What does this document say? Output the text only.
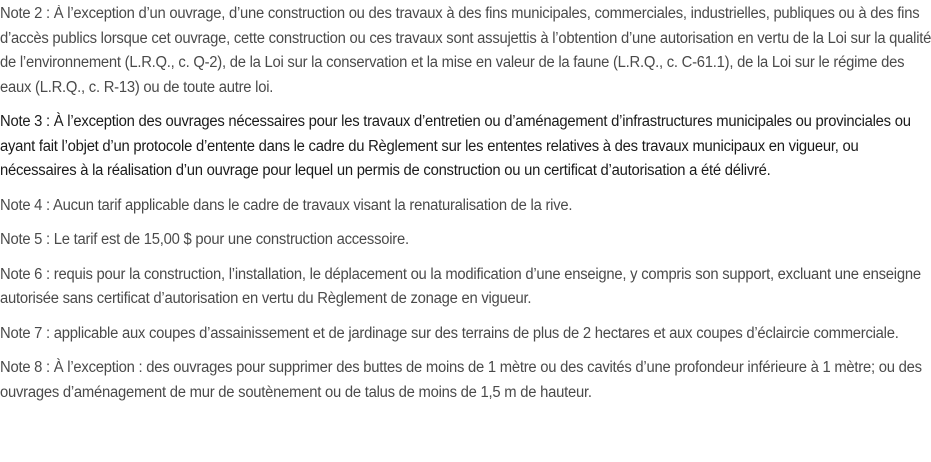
Note 2 : À l’exception d’un ouvrage, d’une construction ou des travaux à des fins municipales, commerciales, industrielles, publiques ou à des fins d’accès publics lorsque cet ouvrage, cette construction ou ces travaux sont assujettis à l’obtention d’une autorisation en vertu de la Loi sur la qualité de l’environnement (L.R.Q., c. Q-2), de la Loi sur la conservation et la mise en valeur de la faune (L.R.Q., c. C-61.1), de la Loi sur le régime des eaux (L.R.Q., c. R-13) ou de toute autre loi.

Note 3 : À l’exception des ouvrages nécessaires pour les travaux d’entretien ou d’aménagement d’infrastructures municipales ou provinciales ou ayant fait l’objet d’un protocole d’entente dans le cadre du Règlement sur les ententes relatives à des travaux municipaux en vigueur, ou nécessaires à la réalisation d’un ouvrage pour lequel un permis de construction ou un certificat d’autorisation a été délivré.

Note 4 : Aucun tarif applicable dans le cadre de travaux visant la renaturalisation de la rive.

Note 5 : Le tarif est de 15,00 $ pour une construction accessoire.

Note 6 : requis pour la construction, l’installation, le déplacement ou la modification d’une enseigne, y compris son support, excluant une enseigne autorisée sans certificat d’autorisation en vertu du Règlement de zonage en vigueur.

Note 7 : applicable aux coupes d’assainissement et de jardinage sur des terrains de plus de 2 hectares et aux coupes d’éclaircie commerciale.

Note 8 : À l’exception : des ouvrages pour supprimer des buttes de moins de 1 mètre ou des cavités d’une profondeur inférieure à 1 mètre; ou des ouvrages d’aménagement de mur de soutènement ou de talus de moins de 1,5 m de hauteur.
